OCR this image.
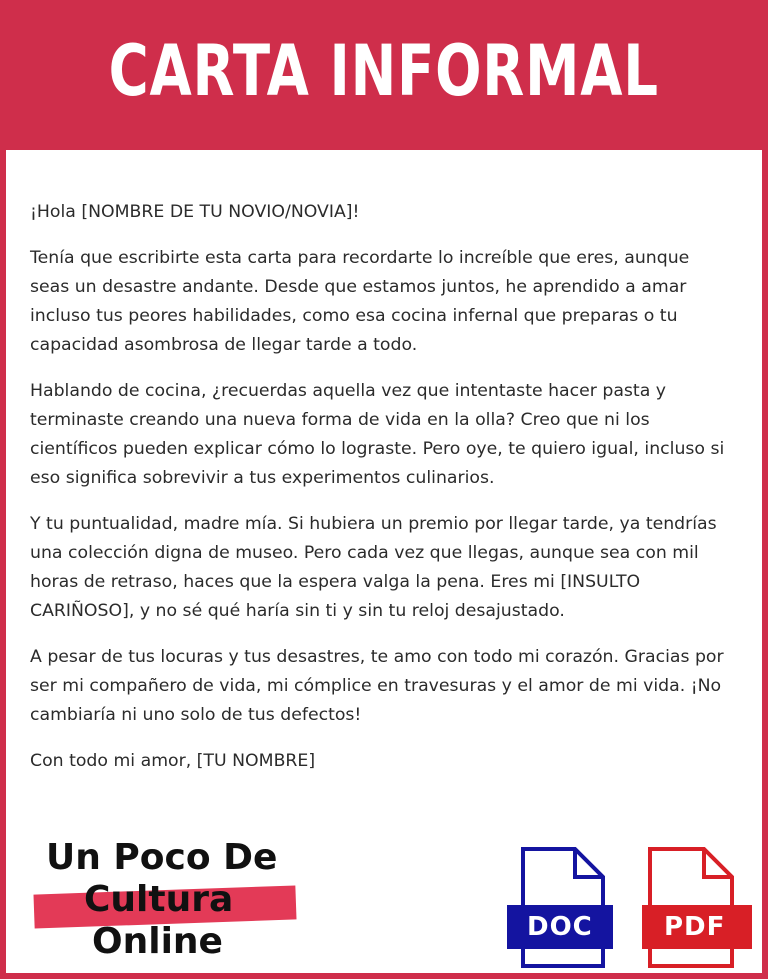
CARTA INFORMAL

¡Hola [NOMBRE DE TU NOVIO/NOVIA]!

Tenía que escribirte esta carta para recordarte lo increíble que eres, aunque seas un desastre andante. Desde que estamos juntos, he aprendido a amar incluso tus peores habilidades, como esa cocina infernal que preparas o tu capacidad asombrosa de llegar tarde a todo.

Hablando de cocina, ¿recuerdas aquella vez que intentaste hacer pasta y terminaste creando una nueva forma de vida en la olla? Creo que ni los científicos pueden explicar cómo lo lograste. Pero oye, te quiero igual, incluso si eso significa sobrevivir a tus experimentos culinarios.

Y tu puntualidad, madre mía. Si hubiera un premio por llegar tarde, ya tendrías una colección digna de museo. Pero cada vez que llegas, aunque sea con mil horas de retraso, haces que la espera valga la pena. Eres mi [INSULTO CARIÑOSO], y no sé qué haría sin ti y sin tu reloj desajustado.

A pesar de tus locuras y tus desastres, te amo con todo mi corazón. Gracias por ser mi compañero de vida, mi cómplice en travesuras y el amor de mi vida. ¡No cambiaría ni uno solo de tus defectos!

Con todo mi amor, [TU NOMBRE]

Un Poco De
Cultura
Online	DOC	PDF
